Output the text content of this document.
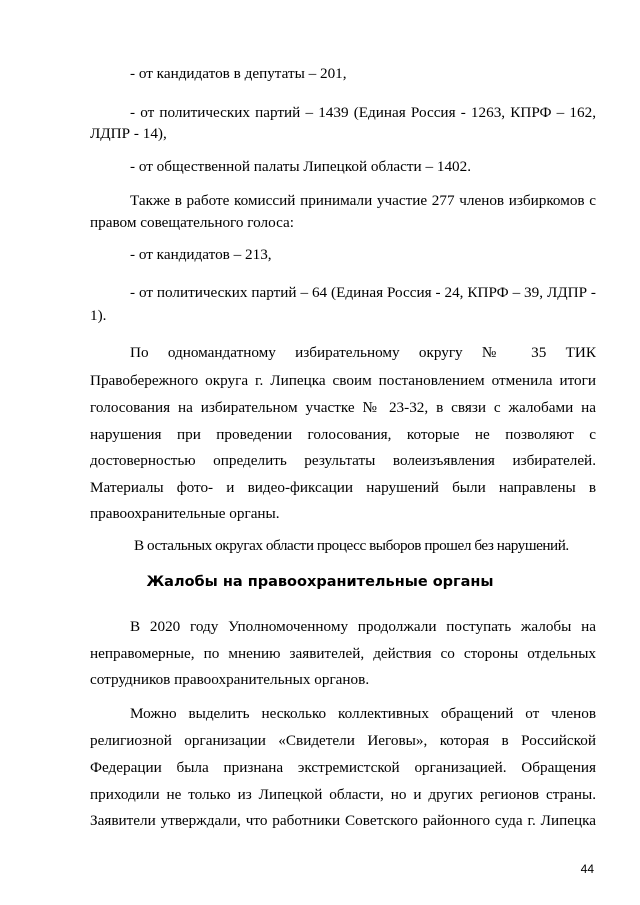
- от кандидатов в депутаты – 201,
- от политических партий – 1439 (Единая Россия - 1263, КПРФ – 162,
ЛДПР - 14),
- от общественной палаты Липецкой области – 1402.
Также в работе комиссий принимали участие 277 членов избиркомов с
правом совещательного голоса:
- от кандидатов – 213,
- от политических партий – 64 (Единая Россия - 24, КПРФ – 39, ЛДПР -
1).
По одномандатному избирательному округу № 35 ТИК
Правобережного округа г. Липецка своим постановлением отменила итоги
голосования на избирательном участке № 23-32, в связи с жалобами на
нарушения при проведении голосования, которые не позволяют с
достоверностью определить результаты волеизъявления избирателей.
Материалы фото- и видео-фиксации нарушений были направлены в
правоохранительные органы.
В остальных округах области процесс выборов прошел без нарушений.
Жалобы на правоохранительные органы
В 2020 году Уполномоченному продолжали поступать жалобы на
неправомерные, по мнению заявителей, действия со стороны отдельных
сотрудников правоохранительных органов.
Можно выделить несколько коллективных обращений от членов
религиозной организации «Свидетели Иеговы», которая в Российской
Федерации была признана экстремистской организацией. Обращения
приходили не только из Липецкой области, но и других регионов страны.
Заявители утверждали, что работники Советского районного суда г. Липецка
44
